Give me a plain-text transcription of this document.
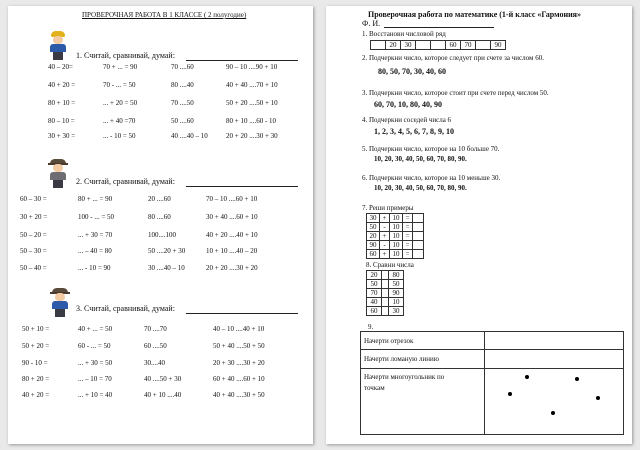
ПРОВЕРОЧНАЯ РАБОТА В 1 КЛАССЕ ( 2 полугодие)
1. Считай, сравнивай, думай:
40 – 20=	70 + ... = 90	70 ....60	90 – 10 ....90 + 10
40 + 20 =	70 - ... = 50	80 ....40	40 + 40 ....70 + 10
80 + 10 =	... + 20 = 50	70 ....50	50 + 20 ....50 + 10
80 – 10 =	... + 40 =70	50 ....60	80 + 10 ....60 - 10
30 + 30 =	... - 10 = 50	40 ....40 – 10	20 + 20 ....30 + 30
2. Считай, сравнивай, думай:
60 – 30 =	80 + ... = 90	20 ....60	70 – 10 ....60 + 10
30 + 20 =	100 - ... = 50	80 ....60	30 + 40 ....60 + 10
50 – 20 =	... + 30 = 70	100....100	40 + 20 ....40 + 10
50 – 30 =	... – 40 = 80	50 ....20 + 30	10 + 10 ....40 – 20
50 – 40 =	... - 10 = 90	30 ....40 – 10	20 + 20 ....30 + 20
3. Считай, сравнивай, думай:
50 + 10 =	40 + ... = 50	70 ....70	40 – 10 ....40 + 10
50 + 20 =	60 - ... = 50	60 ....50	50 + 40 ....50 + 50
90 - 10 =	... + 30 = 50	30....40	20 + 30 ....30 + 20
80 + 20 =	... – 10 = 70	40 ....50 + 30	60 + 40 ....60 + 10
40 + 20 =	... + 10 = 40	40 + 10 ....40	40 + 40 ....30 + 50
Проверочная работа по математике (1-й класс «Гармония»
Ф. И.
1. Восстанови числовой ряд
	20	30			60	70		90
2. Подчеркни число, которое следует при счете за числом 60.
80, 50, 70, 30, 40, 60
3. Подчеркни число, которое стоит при счете перед числом 50.
60, 70, 10, 80, 40, 90
4. Подчеркни соседей числа 6
1, 2, 3, 4, 5, 6, 7, 8, 9, 10
5. Подчеркни число, которое на 10 больше 70.
10, 20, 30, 40, 50, 60, 70, 80, 90.
6. Подчеркни число, которое на 10 меньше 30.
10, 20, 30, 40, 50, 60, 70, 80, 90.
7. Реши примеры
30	+	10	=	
50	-	10	=	
20	+	10	=	
90	-	10	=	
60	+	10	=	
8. Сравни числа
20		80
50		50
70		90
40		10
60		30
9.
Начерти отрезок	
Начерти ломаную линию	

Начерти многоугольник по
точкам	
